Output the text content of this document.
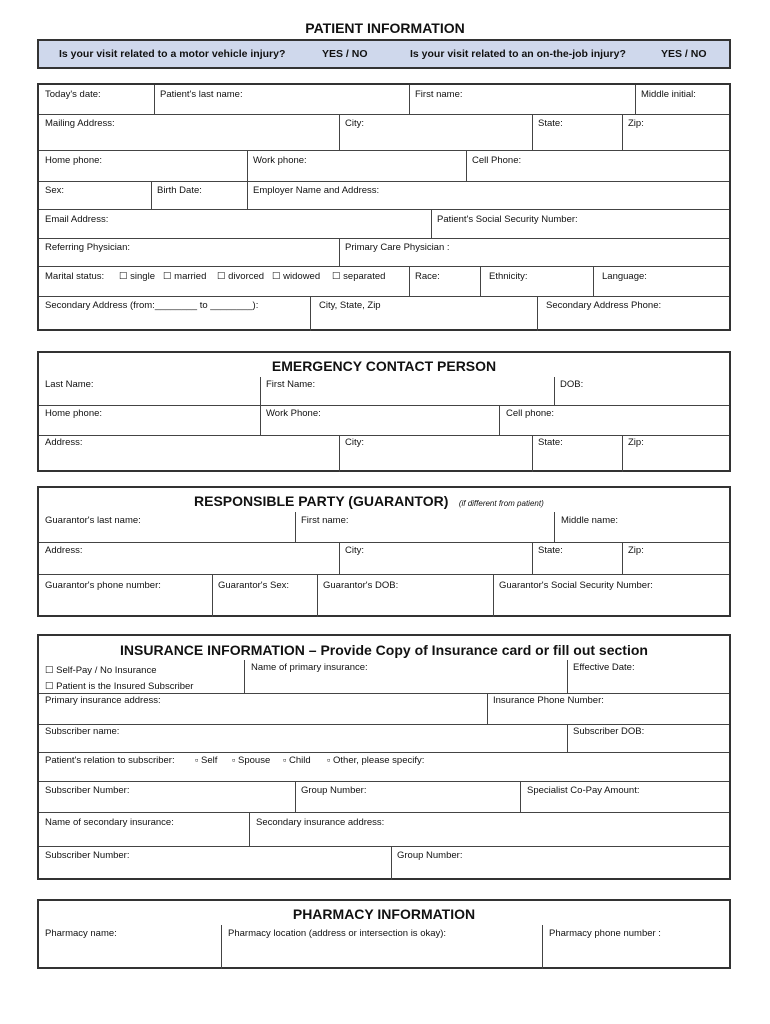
PATIENT INFORMATION
Is your visit related to a motor vehicle injury?	YES / NO	Is your visit related to an on-the-job injury?	YES / NO
Today's date:	Patient's last name:	First name:	Middle initial:
Mailing Address:	City:	State:	Zip:
Home phone:	Work phone:	Cell Phone:
Sex:	Birth Date:	Employer Name and Address:
Email Address:	Patient's Social Security Number:
Referring Physician:	Primary Care Physician :
Marital status: ☐ single ☐ married ☐ divorced ☐ widowed ☐ separated	Race:	Ethnicity:	Language:
Secondary Address (from:________ to ________):	City, State, Zip	Secondary Address Phone:
EMERGENCY CONTACT PERSON
Last Name:	First Name:	DOB:
Home phone:	Work Phone:	Cell phone:
Address:	City:	State:	Zip:
RESPONSIBLE PARTY (GUARANTOR) (if different from patient)
Guarantor's last name:	First name:	Middle name:
Address:	City:	State:	Zip:
Guarantor's phone number:	Guarantor's Sex:	Guarantor's DOB:	Guarantor's Social Security Number:
INSURANCE INFORMATION – Provide Copy of Insurance card or fill out section
☐ Self-Pay / No Insurance
☐ Patient is the Insured Subscriber
Name of primary insurance:	Effective Date:
Primary insurance address:	Insurance Phone Number:
Subscriber name:	Subscriber DOB:
Patient's relation to subscriber: ▫ Self ▫ Spouse ▫ Child ▫ Other, please specify:
Subscriber Number:	Group Number:	Specialist Co-Pay Amount:
Name of secondary insurance:	Secondary insurance address:
Subscriber Number:	Group Number:
PHARMACY INFORMATION
Pharmacy name:	Pharmacy location (address or intersection is okay):	Pharmacy phone number :
